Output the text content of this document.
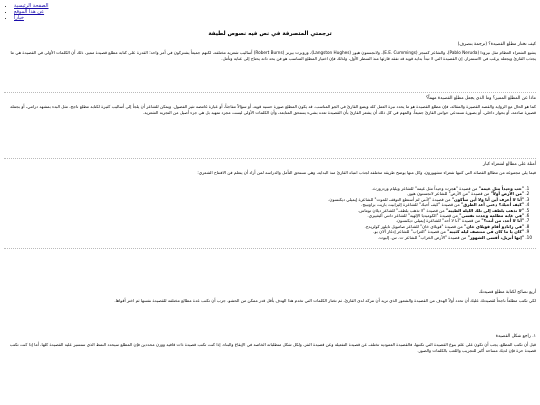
• الصفحة الرئيسية
• عن هذا الموقع
• خيارا
ترجمتي المتصرفة في نص فيه نصوص لطيفة
كيف تختار مطلع القصيدة؟ (ترجمة بتصرف)
يشيع الشعراء العظام مثل نيرودا (Pablo Neruda)، والشاعر كمنجز (E.E. Cummings)، ولانجستون هيوز (Langston Hughes)، وروبرت بيرنز (Robert Burns) أساليب شعرية مختلفة، لكنهم جميعاً يشتركون في أمر واحد: القدرة على كتابة مطلع قصيدة مميز، ذلك أن الكلمات الأولى في القصيدة هي ما يجذب القارئ ويجعله يرغب في الاستمرار. إن القصيدة التي لا تبدأ بداية قوية قد تفقد قارئها منذ السطر الأول، ولذلك فإن اختيار المطلع المناسب هو فن بحد ذاته يحتاج إلى عناية وتأمل.
ماذا عن المطلع المميز؟ وما الذي يجعل مطلع القصيدة مهماً؟
كما هو الحال مع الرواية والقصة القصيرة والمقالة، فإن مطلع القصيدة هو ما يحدد نبرة العمل كله ويضع القارئ في الجو المناسب. قد يكون المطلع صورة حسية قوية، أو سؤالاً مفاجئاً، أو عبارة غامضة تثير الفضول. ويمكن للشاعر أن يلجأ إلى أساليب كثيرة لكتابة مطلع ناجح، مثل البدء بمشهد درامي، أو بجملة قصيرة صادمة، أو بحوار داخلي، أو بصورة تستدعي حواس القارئ جميعاً. والمهم في كل ذلك أن يشعر القارئ بأن القصيدة تعده بشيء يستحق المتابعة، وأن الكلمات الأولى ليست مجرد تمهيد بل هي جزء أصيل من التجربة الشعرية.
أمثلة على مطالع لشعراء كبار
فيما يلي مجموعة من مطالع القصائد التي كتبها شعراء مشهورون، وكل منها يوضح طريقة مختلفة لجذب انتباه القارئ منذ البداية، وهي تستحق التأمل والدراسة لمن أراد أن يتعلم فن الافتتاح الشعري:
1. "حب وحيداً مثل غيمة" من قصيدة "هجرت وحيداً مثل غيمة" للشاعر ويليام وردزورث.
2. "من الأرض أولاً" من قصيدة "من الأرض" للشاعر لانجستون هيوز.
3. "أنا لا أعرف أين أنا ولا أين سأكون" من قصيدة "لأنني لم أستطع التوقف للموت" للشاعرة إيميلي ديكنسون.
4. "كيف أحبك؟ دعني أعد الطرق" من قصيدة "كيف أحبك" للشاعرة إليزابيث باريت براونينج.
5. "لا تذهب بلطف إلى تلك الليلة الطيبة" من قصيدة "لا تذهب بلطف" للشاعر ديلان توماس.
6. "في غابة مظلمة وجدت نفسي" من قصيدة "الكوميديا الإلهية" للشاعر دانتي أليغييري.
7. "أنا لا أحد، من أنت؟" من قصيدة "أنا لا أحد" للشاعرة إيميلي ديكنسون.
8. "في زانادو أقام قوبلاي خان" من قصيدة "قوبلاي خان" للشاعر صامويل تايلور كولريدج.
9. "كان يا ما كان في منتصف ليلة كئيبة" من قصيدة "الغراب" للشاعر إدغار آلان بو.
10. "إنها أبريل، أقسى الشهور" من قصيدة "الأرض الخراب" للشاعر ت. س. إليوت.
أربع نصائح لكتابة مطلع قصيدتك
لكي تكتب مطلعاً ناجحاً لقصيدتك عليك أن تحدد أولاً الهدف من القصيدة والشعور الذي تريد أن تتركه لدى القارئ، ثم تختار الكلمات التي تخدم هذا الهدف بأقل قدر ممكن من الحشو. جرب أن تكتب عدة مطالع مختلفة للقصيدة نفسها ثم اختر أقواها.
١. راجع شكل القصيدة
قبل أن تكتب المطلع، يجب أن تكون على علم بنوع القصيدة التي تكتبها، فالقصيدة العمودية تختلف عن قصيدة التفعيلة وعن قصيدة النثر، ولكل شكل متطلباته الخاصة في الإيقاع والبناء. إذا كنت تكتب قصيدة ذات قافية ووزن محددين فإن المطلع سيحدد النمط الذي ستسير عليه القصيدة كلها، أما إذا كنت تكتب قصيدة حرة فإن لديك مساحة أكبر للتجريب واللعب بالكلمات والصور.
